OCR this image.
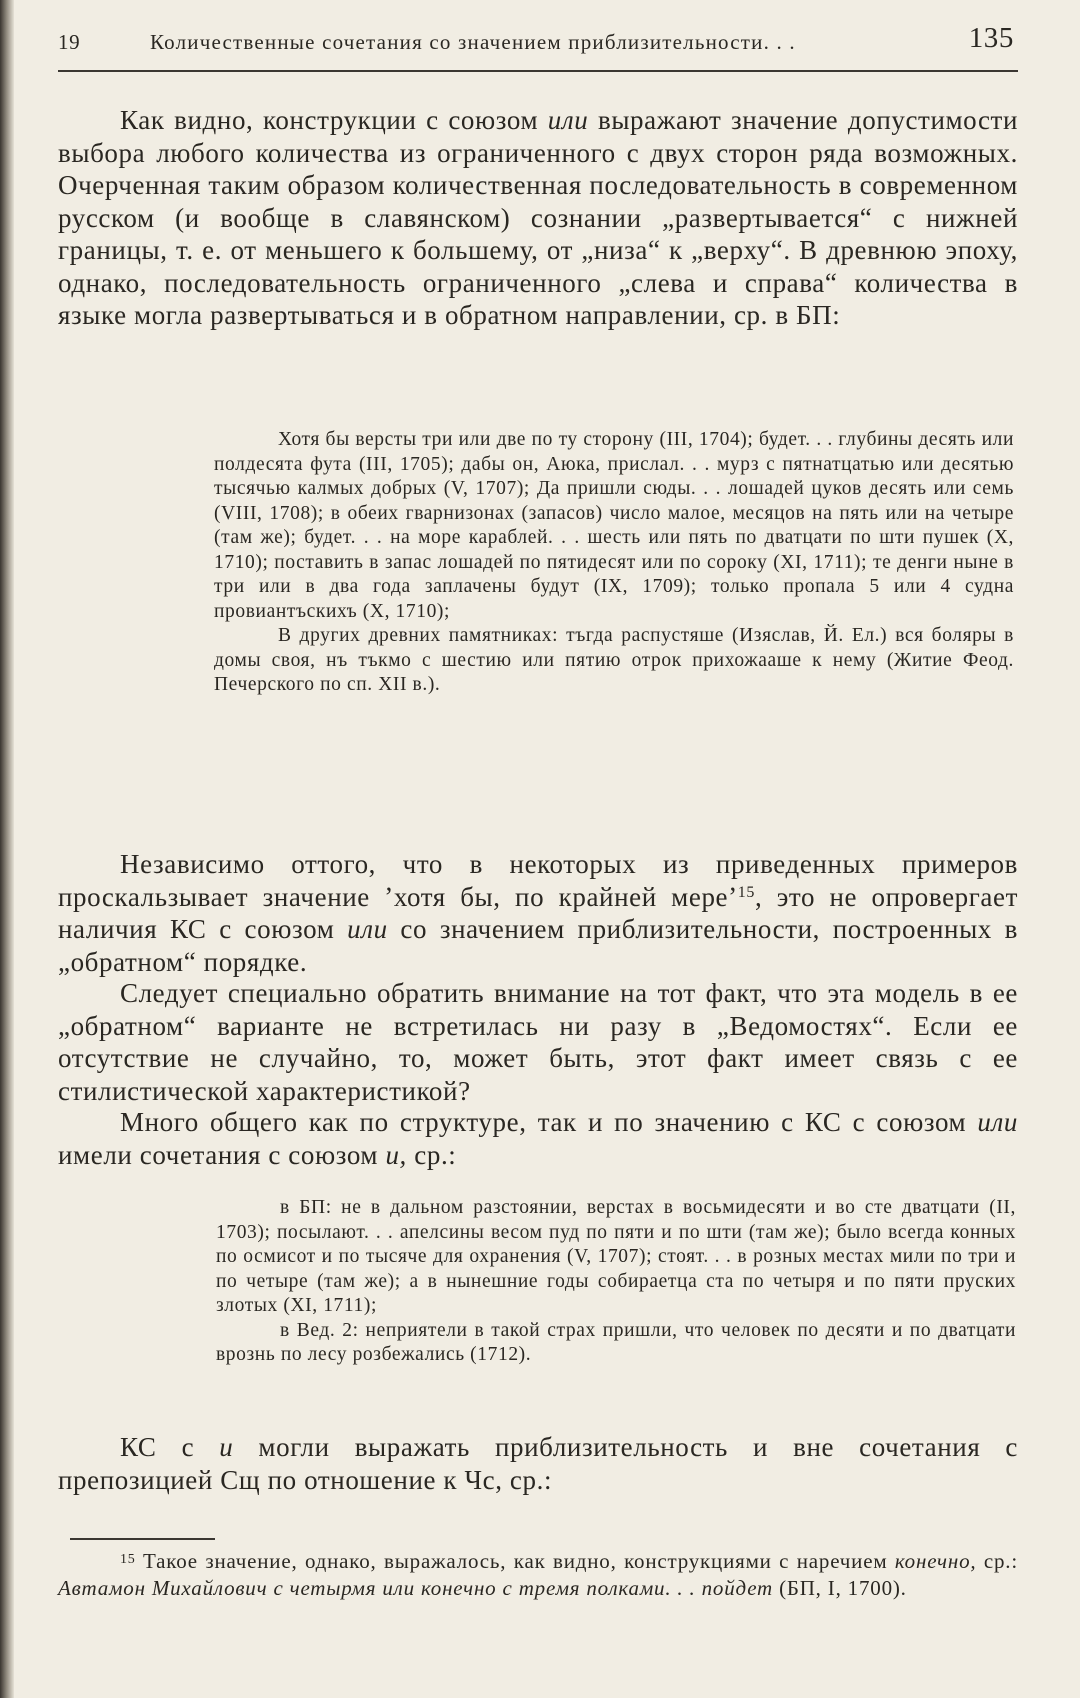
19	Количественные сочетания со значением приблизительности. . .	135

Как видно, конструкции с союзом или выражают значение допустимости выбора любого количества из ограниченного с двух сторон ряда возможных. Очерченная таким образом количественная последовательность в современном русском (и вообще в славянском) сознании „развертывается“ с нижней границы, т. е. от меньшего к большему, от „низа“ к „верху“. В древнюю эпоху, однако, последовательность ограниченного „слева и справа“ количества в языке могла развертываться и в обратном направлении, ср. в БП:

Хотя бы версты три или две по ту сторону (III, 1704); будет. . . глубины десять или полдесята фута (III, 1705); дабы он, Аюка, прислал. . . мурз с пятнатцатью или десятью тысячью калмых добрых (V, 1707); Да пришли сюды. . . лошадей цуков десять или семь (VIII, 1708); в обеих гварнизонах (запасов) число малое, месяцов на пять или на четыре (там же); будет. . . на море караблей. . . шесть или пять по дватцати по шти пушек (X, 1710); поставить в запас лошадей по пятидесят или по сороку (XI, 1711); те денги ныне в три или в два года заплачены будут (IX, 1709); только пропала 5 или 4 судна провиантъскихъ (X, 1710);

В других древних памятниках: тъгда распустяше (Изяслав, Й. Ел.) вся боляры в домы своя, нъ тъкмо с шестию или пятию отрок прихожааше к нему (Житие Феод. Печерского по сп. XII в.).

Независимо оттого, что в некоторых из приведенных примеров проскальзывает значение ʼхотя бы, по крайней мереʼ$^{15}$, это не опровергает наличия КС с союзом или со значением приблизительности, построенных в „обратном“ порядке.

Следует специально обратить внимание на тот факт, что эта модель в ее „обратном“ варианте не встретилась ни разу в „Ведомостях“. Если ее отсутствие не случайно, то, может быть, этот факт имеет связь с ее стилистической характеристикой?

Много общего как по структуре, так и по значению с КС с союзом или имели сочетания с союзом и, ср.:

в БП: не в дальном разстоянии, верстах в восьмидесяти и во сте дватцати (II, 1703); посылают. . . апелсины весом пуд по пяти и по шти (там же); было всегда конных по осмисот и по тысяче для охранения (V, 1707); стоят. . . в розных местах мили по три и по четыре (там же); а в нынешние годы собираетца ста по четыря и по пяти пруских злотых (XI, 1711);

в Вед. 2: неприятели в такой страх пришли, что человек по десяти и по дватцати врознь по лесу розбежались (1712).

КС с и могли выражать приблизительность и вне сочетания с препозицией Сщ по отношение к Чс, ср.:

$^{15}$ Такое значение, однако, выражалось, как видно, конструкциями с наречием конечно, ср.: Автамон Михайлович с четырмя или конечно с тремя полками. . . пойдет (БП, I, 1700).
